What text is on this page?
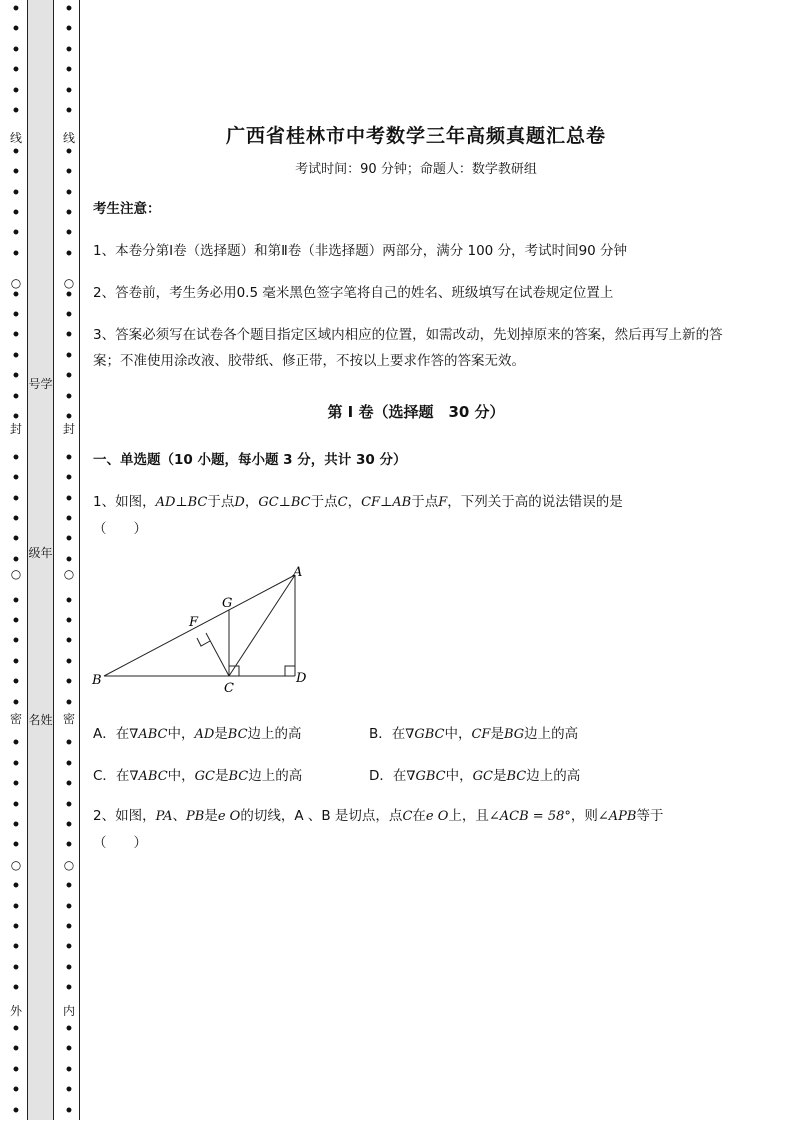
•
•
•
•
•
•
•
•
•
•
•
•
•
•
•
•
•
•
•
•
•
•
•
•
•
•
•
•
•
•
•
•
•
•
•
•
•
•
•
•
•
•
•
•
•
•
•
•
线
封
密
外
○
○
○
•
•
•
•
•
•
•
•
•
•
•
•
•
•
•
•
•
•
•
•
•
•
•
•
•
•
•
•
•
•
•
•
•
•
•
•
•
•
•
•
•
•
•
•
•
•
•
•
线
封
密
内
○
○
○
号学
级年
名姓
广西省桂林市中考数学三年高频真题汇总卷
考试时间：90 分钟；命题人：数学教研组
考生注意：
1、本卷分第Ⅰ卷（选择题）和第Ⅱ卷（非选择题）两部分，满分 100 分，考试时间90 分钟
2、答卷前，考生务必用0.5 毫米黑色签字笔将自己的姓名、班级填写在试卷规定位置上
3、答案必须写在试卷各个题目指定区域内相应的位置，如需改动，先划掉原来的答案，然后再写上新的答案；不准使用涂改液、胶带纸、修正带，不按以上要求作答的答案无效。
第 I 卷（选择题　30 分）
一、单选题（10 小题，每小题 3 分，共计 30 分）
1、如图，AD⊥BC于点D，GC⊥BC于点C，CF⊥AB于点F，下列关于高的说法错误的是
（　　）
A
B
C
D
F
G
A．在∇ABC中，AD是BC边上的高	B．在∇GBC中，CF是BG边上的高
C．在∇ABC中，GC是BC边上的高	D．在∇GBC中，GC是BC边上的高
2、如图，PA、PB是e O的切线，A 、B 是切点，点C在e O上，且∠ACB = 58°，则∠APB等于
（　　）
